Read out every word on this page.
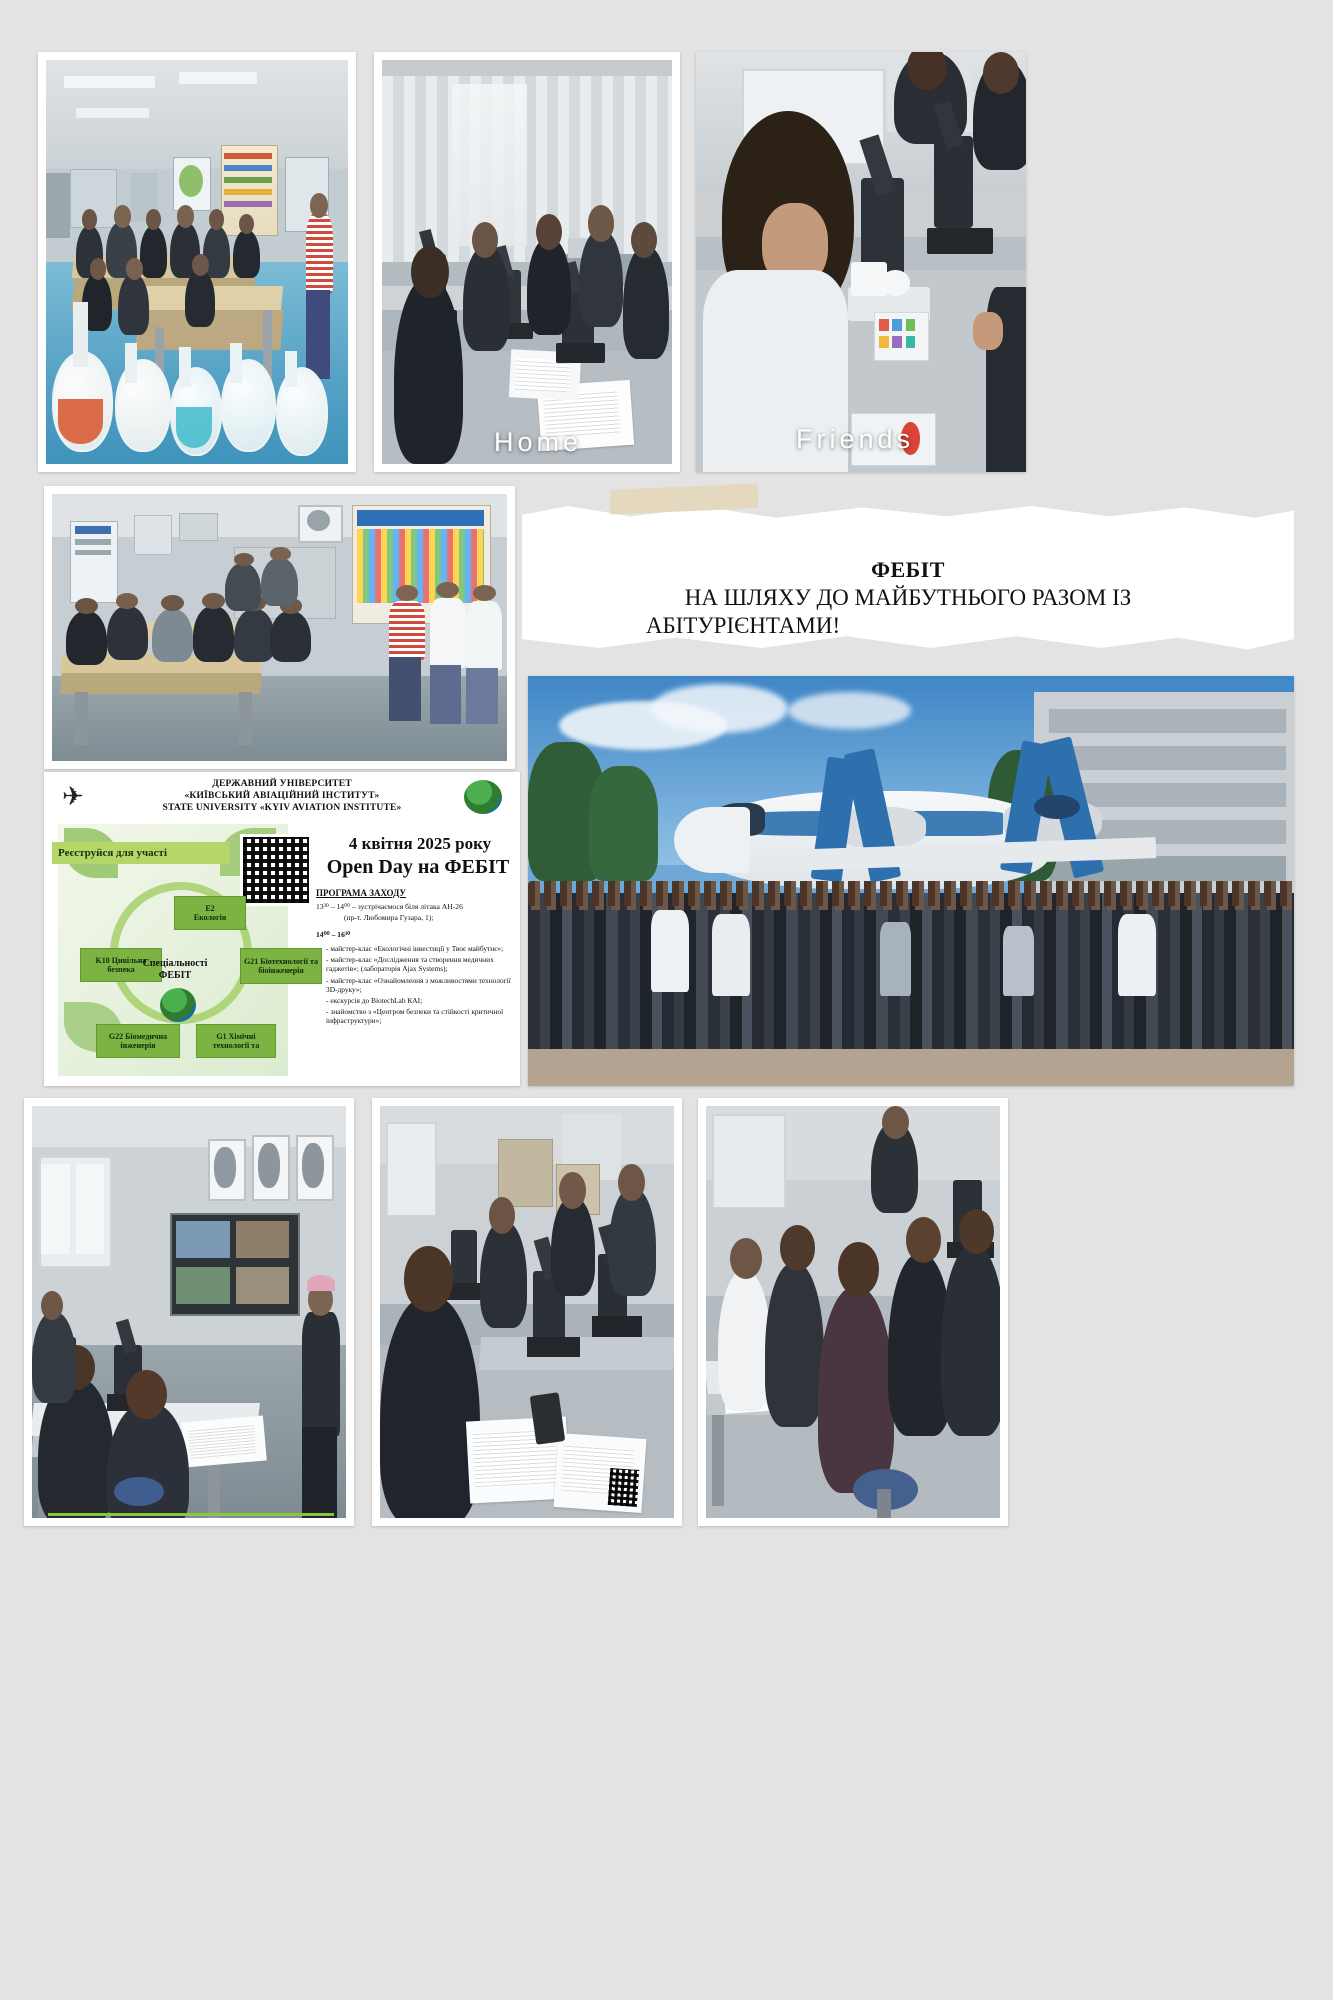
Home	Friends
ФЕБІТ
НА ШЛЯХУ ДО МАЙБУТНЬОГО РАЗОМ ІЗ
АБІТУРІЄНТАМИ!
✈	ДЕРЖАВНИЙ УНІВЕРСИТЕТ
«КИЇВСЬКИЙ АВІАЦІЙНИЙ ІНСТИТУТ»
STATE UNIVERSITY «KYIV AVIATION INSTITUTE»
Реєструйся для участі
E2
Екологія
G21 Біотехнології та біоінженерія
K10 Цивільна безпека
G22 Біомедична інженерія
G1 Хімічні технології та
Спеціальності
ФЕБІТ
4 квітня 2025 року
Open Day на ФЕБІТ
ПРОГРАМА ЗАХОДУ
13³⁰ – 14⁰⁰ – зустрічаємося біля літака АН-26
(пр-т. Любомира Гузара, 1);
14⁰⁰ – 16³⁰
- майстер-клас «Екологічні інвестиції у Твоє майбутнє»;
- майстер-клас «Дослідження та створення медичних гаджетів»; (лабораторія Ajax Systems);
- майстер-клас «Ознайомлення з можливостями технології 3D-друку»;
- екскурсія до BiotechLab КАІ;
- знайомство з «Центром безпеки та стійкості критичної інфраструктури»;
